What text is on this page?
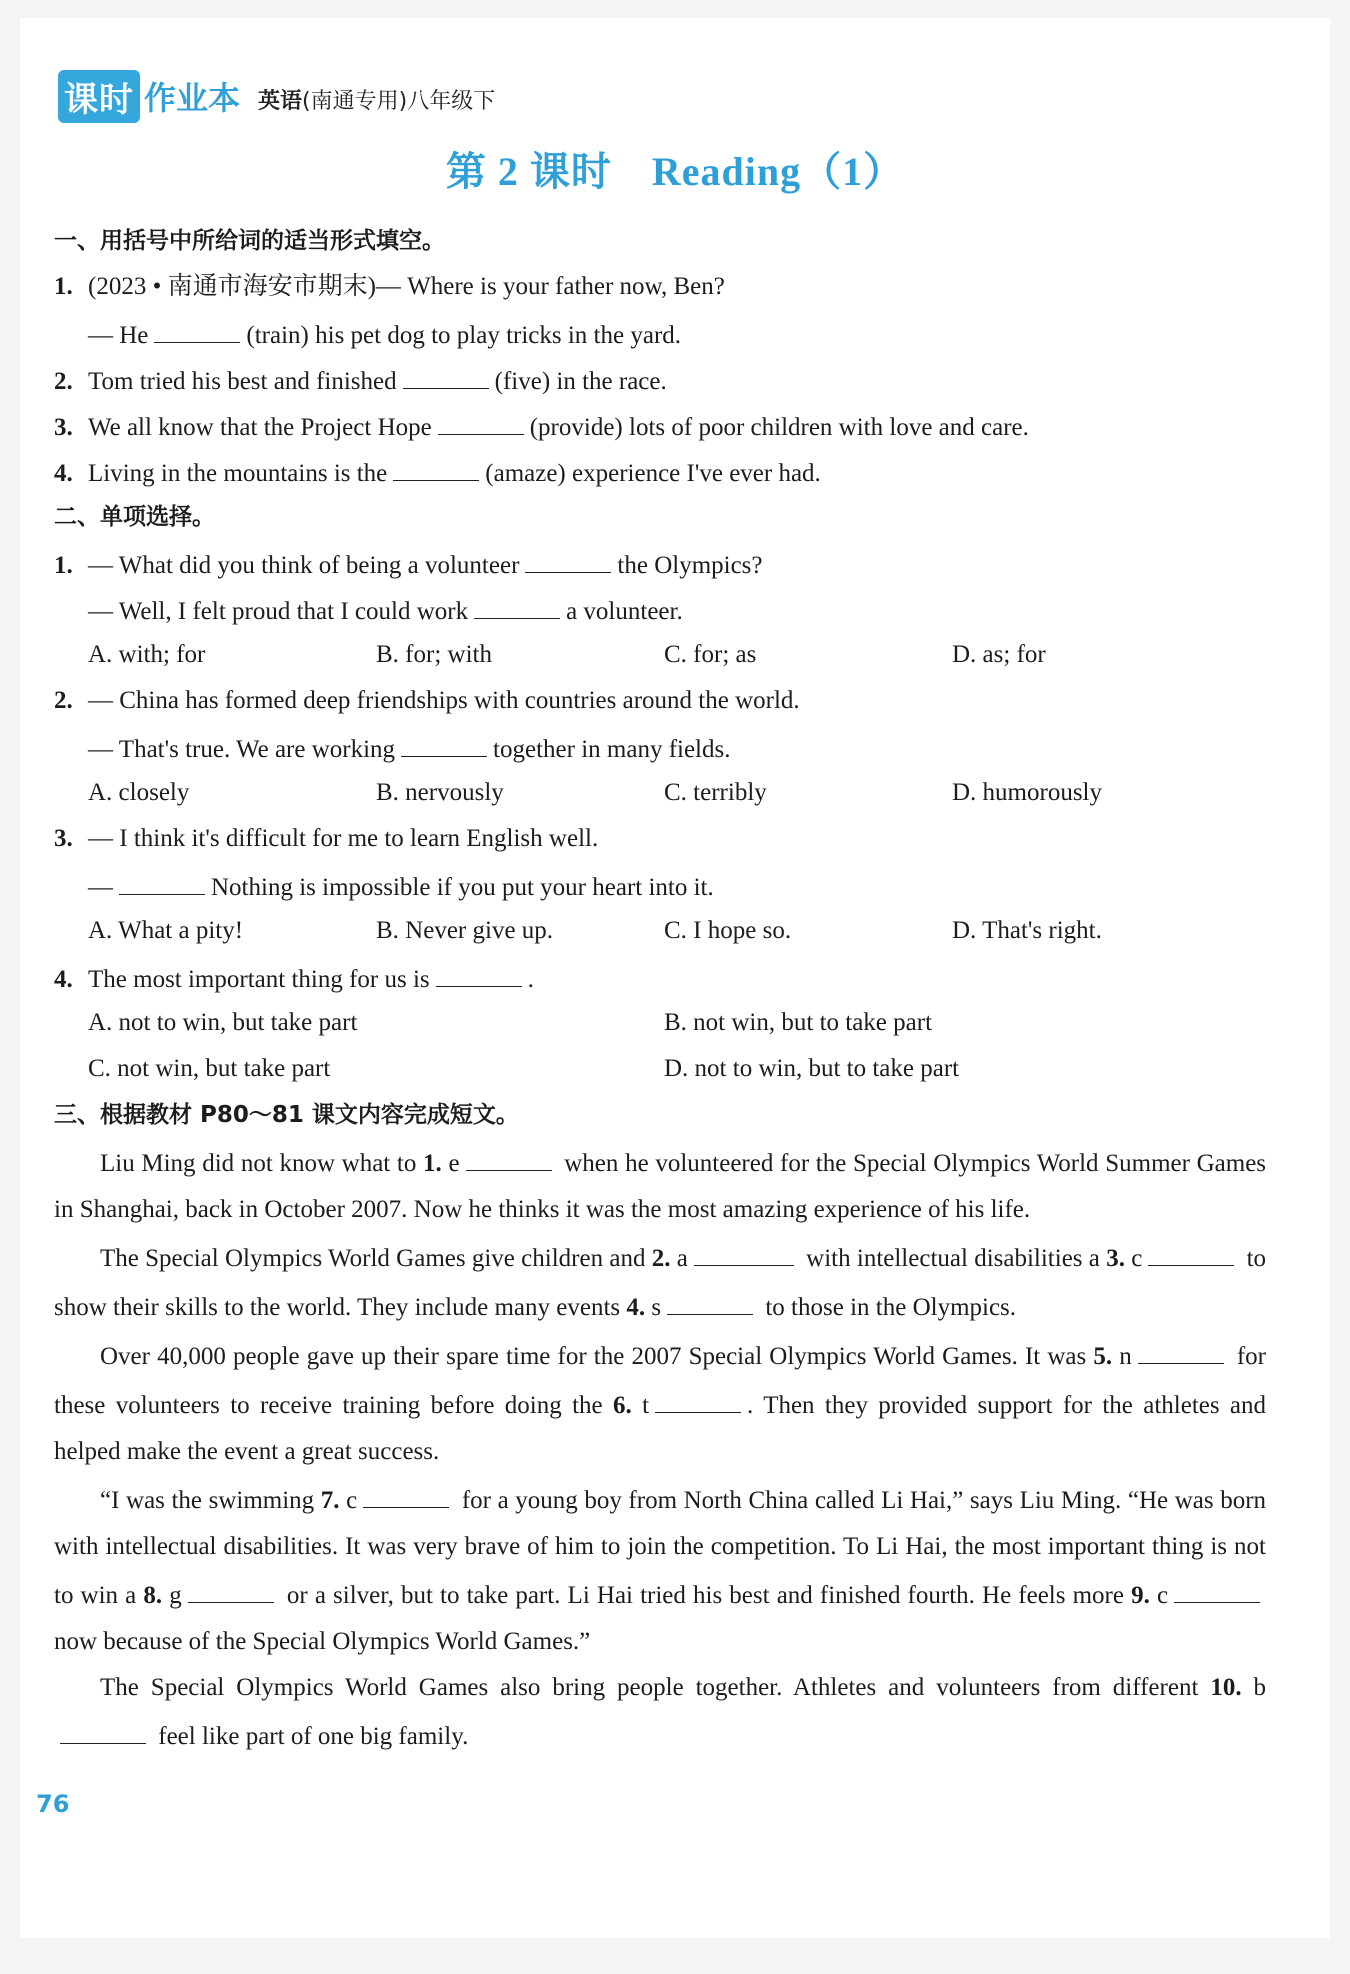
课时 作业本 英语(南通专用)八年级下
第 2 课时 Reading（1）
一、用括号中所给词的适当形式填空。
1. (2023 • 南通市海安市期末)— Where is your father now, Ben?
— He	(train) his pet dog to play tricks in the yard.
2. Tom tried his best and finished	(five) in the race.
3. We all know that the Project Hope	(provide) lots of poor children with love and care.
4. Living in the mountains is the	(amaze) experience I've ever had.
二、单项选择。
1. — What did you think of being a volunteer	the Olympics?
— Well, I felt proud that I could work	a volunteer.
A. with; for	B. for; with	C. for; as	D. as; for
2. — China has formed deep friendships with countries around the world.
— That's true. We are working	together in many fields.
A. closely	B. nervously	C. terribly	D. humorously
3. — I think it's difficult for me to learn English well.
—	Nothing is impossible if you put your heart into it.
A. What a pity!	B. Never give up.	C. I hope so.	D. That's right.
4. The most important thing for us is	.
A. not to win, but take part	B. not win, but to take part
C. not win, but take part	D. not to win, but to take part
三、根据教材 P80～81 课文内容完成短文。

Liu Ming did not know what to 1. e	when he volunteered for the Special Olympics World Summer Games in Shanghai, back in October 2007. Now he thinks it was the most amazing experience of his life.

The Special Olympics World Games give children and 2. a	with intellectual disabilities a 3. c	to show their skills to the world. They include many events 4. s	to those in the Olympics.

Over 40,000 people gave up their spare time for the 2007 Special Olympics World Games. It was 5. n	for these volunteers to receive training before doing the 6. t	. Then they provided support for the athletes and helped make the event a great success.

“I was the swimming 7. c	for a young boy from North China called Li Hai,” says Liu Ming. “He was born with intellectual disabilities. It was very brave of him to join the competition. To Li Hai, the most important thing is not to win a 8. g	or a silver, but to take part. Li Hai tried his best and finished fourth. He feels more 9. c now because of the Special Olympics World Games.”

The Special Olympics World Games also bring people together. Athletes and volunteers from different 10. b feel like part of one big family.

76
